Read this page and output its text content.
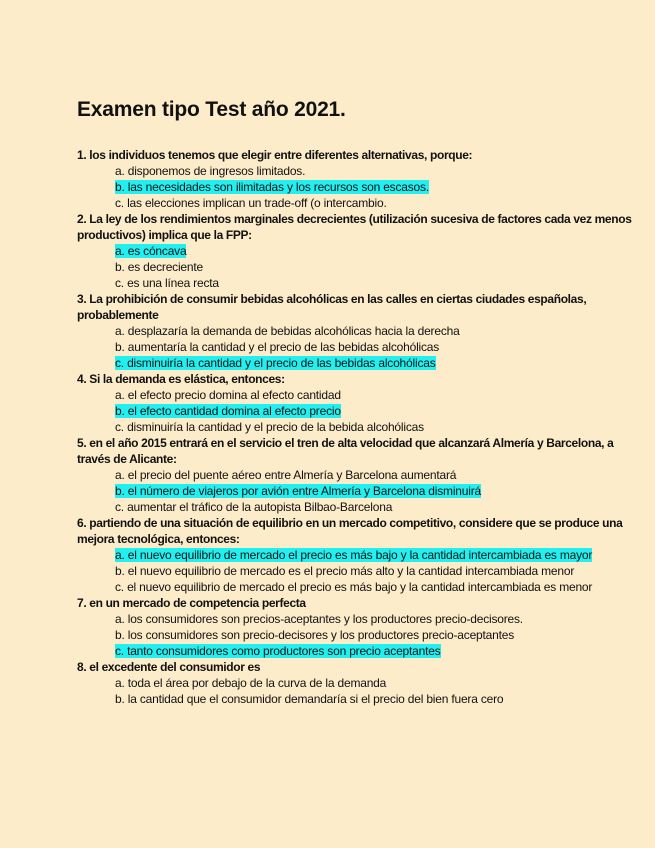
Examen tipo Test año 2021.
1. los individuos tenemos que elegir entre diferentes alternativas, porque:
a. disponemos de ingresos limitados.
b. las necesidades son ilimitadas y los recursos son escasos.
c. las elecciones implican un trade-off (o intercambio.
2. La ley de los rendimientos marginales decrecientes (utilización sucesiva de factores cada vez menos productivos) implica que la FPP:
a. es cóncava
b. es decreciente
c. es una línea recta
3. La prohibición de consumir bebidas alcohólicas en las calles en ciertas ciudades españolas, probablemente
a. desplazaría la demanda de bebidas alcohólicas hacia la derecha
b. aumentaría la cantidad y el precio de las bebidas alcohólicas
c. disminuiría la cantidad y el precio de las bebidas alcohólicas
4. Si la demanda es elástica, entonces:
a. el efecto precio domina al efecto cantidad
b. el efecto cantidad domina al efecto precio
c. disminuiría la cantidad y el precio de la bebida alcohólicas
5. en el año 2015 entrará en el servicio el tren de alta velocidad que alcanzará Almería y Barcelona, a través de Alicante:
a. el precio del puente aéreo entre Almería y Barcelona aumentará
b. el número de viajeros por avión entre Almería y Barcelona disminuirá
c. aumentar el tráfico de la autopista Bilbao-Barcelona
6. partiendo de una situación de equilibrio en un mercado competitivo, considere que se produce una mejora tecnológica, entonces:
a. el nuevo equilibrio de mercado el precio es más bajo y la cantidad intercambiada es mayor
b. el nuevo equilibrio de mercado es el precio más alto y la cantidad intercambiada menor
c. el nuevo equilibrio de mercado el precio es más bajo y la cantidad intercambiada es menor
7. en un mercado de competencia perfecta
a. los consumidores son precios-aceptantes y los productores precio-decisores.
b. los consumidores son precio-decisores y los productores precio-aceptantes
c. tanto consumidores como productores son precio aceptantes
8. el excedente del consumidor es
a. toda el área por debajo de la curva de la demanda
b. la cantidad que el consumidor demandaría si el precio del bien fuera cero
